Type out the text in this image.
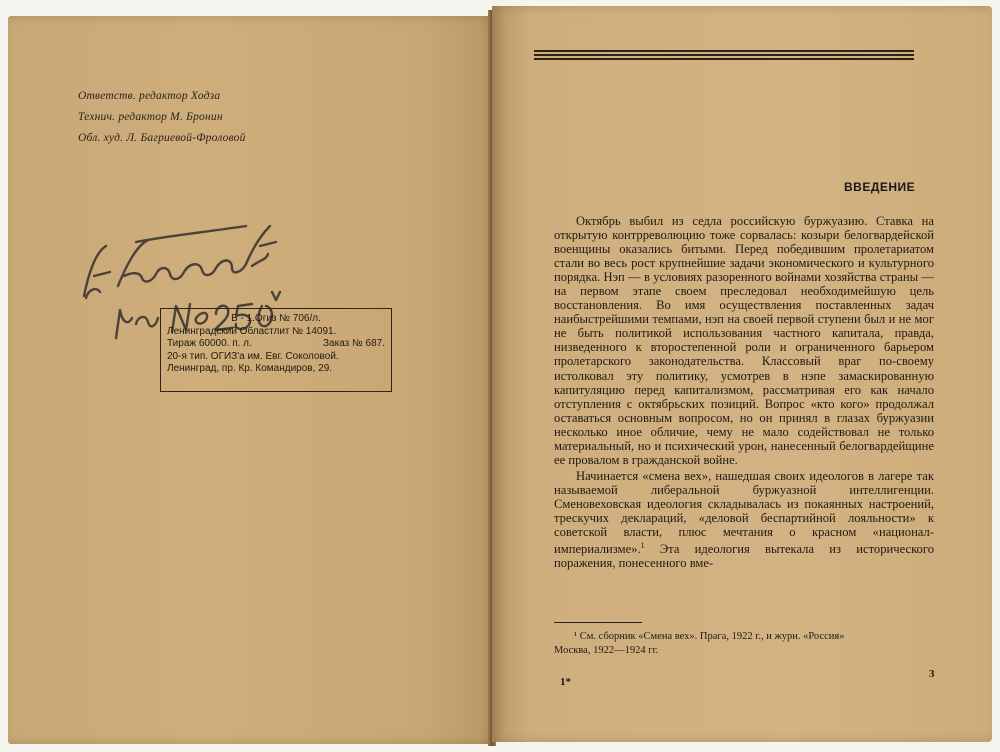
Ответств. редактор Ходза
Технич. редактор М. Бронин
Обл. худ. Л. Багриевой-Фроловой
Б - 1.Огиз № 706/л.
Ленинградский Областлит № 14091.
Тираж 60000. п. л.	Заказ № 687.
20-я тип. ОГИЗ'а им. Евг. Соколовой.
Ленинград, пр. Кр. Командиров, 29.
ВВЕДЕНИЕ

Октябрь выбил из седла российскую буржуазию. Ставка на открытую контрреволюцию тоже сорвалась: козыри белогвардейской военщины оказались битыми. Перед победившим пролетариатом стали во весь рост крупнейшие задачи экономического и культурного порядка. Нэп — в условиях разоренного войнами хозяйства страны — на первом этапе своем преследовал необходимейшую цель восстановления. Во имя осуществления поставленных задач наибыстрейшими темпами, нэп на своей первой ступени был и не мог не быть политикой использования частного капитала, правда, низведенного к второстепенной роли и ограниченного барьером пролетарского законодательства. Классовый враг по-своему истолковал эту политику, усмотрев в нэпе замаскированную капитуляцию перед капитализмом, рассматривая его как начало отступления с октябрьских позиций. Вопрос «кто кого» продолжал оставаться основным вопросом, но он принял в глазах буржуазии несколько иное обличие, чему не мало содействовал не только материальный, но и психический урон, нанесенный белогвардейщине ее провалом в гражданской войне.

Начинается «смена вех», нашедшая своих идеологов в лагере так называемой либеральной буржуазной интеллигенции. Сменовеховская идеология складывалась из покаянных настроений, трескучих деклараций, «деловой беспартийной лояльности» к советской власти, плюс мечтания о красном «национал-империализме».$^1$ Эта идеология вытекала из исторического поражения, понесенного вме-

¹ См. сборник «Смена вех». Прага, 1922 г., и журн. «Россия»
Москва, 1922—1924 гг.
1*
3
